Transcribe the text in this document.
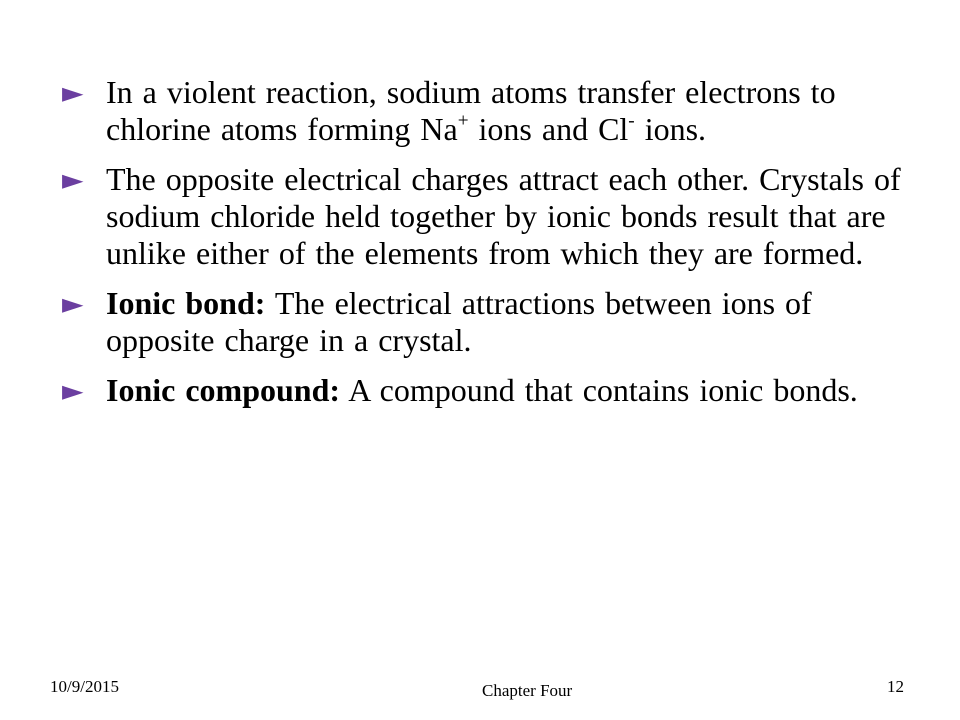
► In a violent reaction, sodium atoms transfer electrons to chlorine atoms forming Na+ ions and Cl- ions.
► The opposite electrical charges attract each other. Crystals of sodium chloride held together by ionic bonds result that are unlike either of the elements from which they are formed.
► Ionic bond: The electrical attractions between ions of opposite charge in a crystal.
► Ionic compound: A compound that contains ionic bonds.
10/9/2015	Chapter Four	12
